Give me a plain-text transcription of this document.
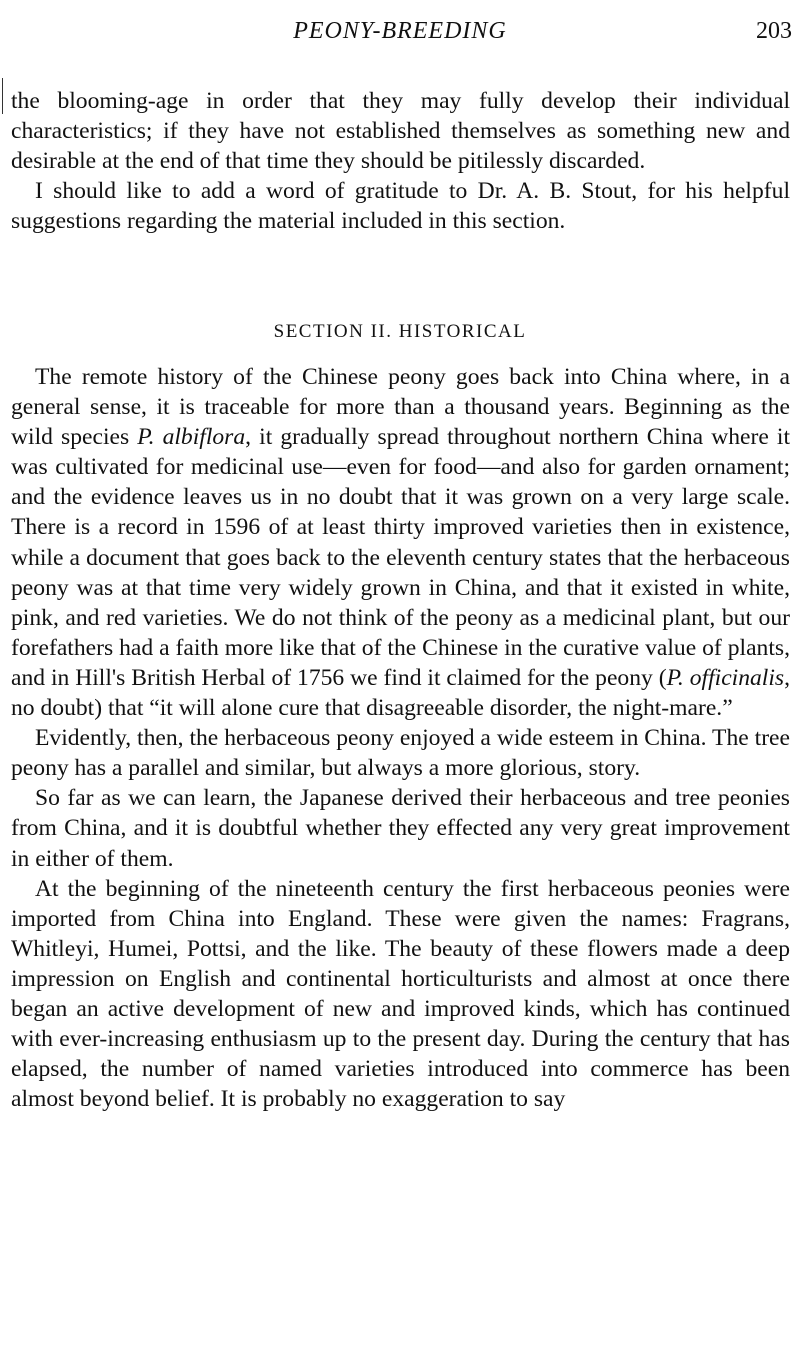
PEONY-BREEDING	203

the blooming-age in order that they may fully develop their individual characteristics; if they have not established themselves as something new and desirable at the end of that time they should be pitilessly discarded.

I should like to add a word of gratitude to Dr. A. B. Stout, for his helpful suggestions regarding the material included in this section.

SECTION II. HISTORICAL

The remote history of the Chinese peony goes back into China where, in a general sense, it is traceable for more than a thousand years. Beginning as the wild species P. albiflora, it gradually spread throughout northern China where it was cultivated for medicinal use—even for food—and also for garden ornament; and the evidence leaves us in no doubt that it was grown on a very large scale. There is a record in 1596 of at least thirty improved varieties then in existence, while a document that goes back to the eleventh century states that the herbaceous peony was at that time very widely grown in China, and that it existed in white, pink, and red varieties. We do not think of the peony as a medicinal plant, but our forefathers had a faith more like that of the Chinese in the curative value of plants, and in Hill's British Herbal of 1756 we find it claimed for the peony (P. officinalis, no doubt) that “it will alone cure that disagreeable disorder, the night-mare.”

Evidently, then, the herbaceous peony enjoyed a wide esteem in China. The tree peony has a parallel and similar, but always a more glorious, story.

So far as we can learn, the Japanese derived their herbaceous and tree peonies from China, and it is doubtful whether they effected any very great improvement in either of them.

At the beginning of the nineteenth century the first herbaceous peonies were imported from China into England. These were given the names: Fragrans, Whitleyi, Humei, Pottsi, and the like. The beauty of these flowers made a deep impression on English and continental horticulturists and almost at once there began an active development of new and improved kinds, which has continued with ever-increasing enthusiasm up to the present day. During the century that has elapsed, the number of named varieties introduced into commerce has been almost beyond belief. It is probably no exaggeration to say
